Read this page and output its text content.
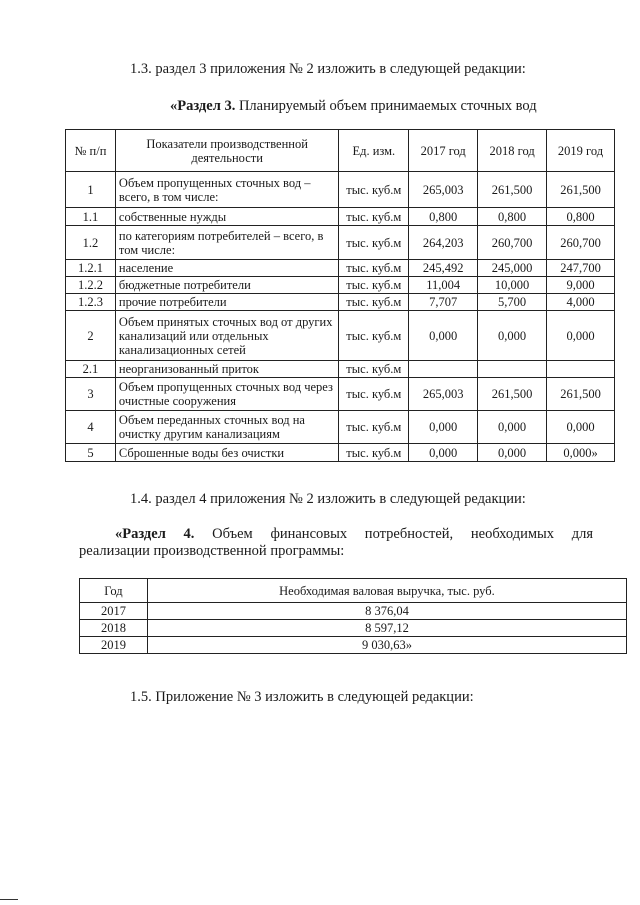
1.3. раздел 3 приложения № 2 изложить в следующей редакции:
«Раздел 3. Планируемый объем принимаемых сточных вод
№ п/п	Показатели производственной деятельности	Ед. изм.	2017 год	2018 год	2019 год
1	Объем пропущенных сточных вод – всего, в том числе:	тыс. куб.м	265,003	261,500	261,500
1.1	собственные нужды	тыс. куб.м	0,800	0,800	0,800
1.2	по категориям потребителей – всего, в том числе:	тыс. куб.м	264,203	260,700	260,700
1.2.1	население	тыс. куб.м	245,492	245,000	247,700
1.2.2	бюджетные потребители	тыс. куб.м	11,004	10,000	9,000
1.2.3	прочие потребители	тыс. куб.м	7,707	5,700	4,000
2	Объем принятых сточных вод от других канализаций или отдельных канализационных сетей	тыс. куб.м	0,000	0,000	0,000
2.1	неорганизованный приток	тыс. куб.м			
3	Объем пропущенных сточных вод через очистные сооружения	тыс. куб.м	265,003	261,500	261,500
4	Объем переданных сточных вод на очистку другим канализациям	тыс. куб.м	0,000	0,000	0,000
5	Сброшенные воды без очистки	тыс. куб.м	0,000	0,000	0,000»
1.4. раздел 4 приложения № 2 изложить в следующей редакции:
«Раздел 4. Объем финансовых потребностей, необходимых для
реализации производственной программы:
Год	Необходимая валовая выручка, тыс. руб.
2017	8 376,04
2018	8 597,12
2019	9 030,63»
1.5. Приложение № 3 изложить в следующей редакции:
